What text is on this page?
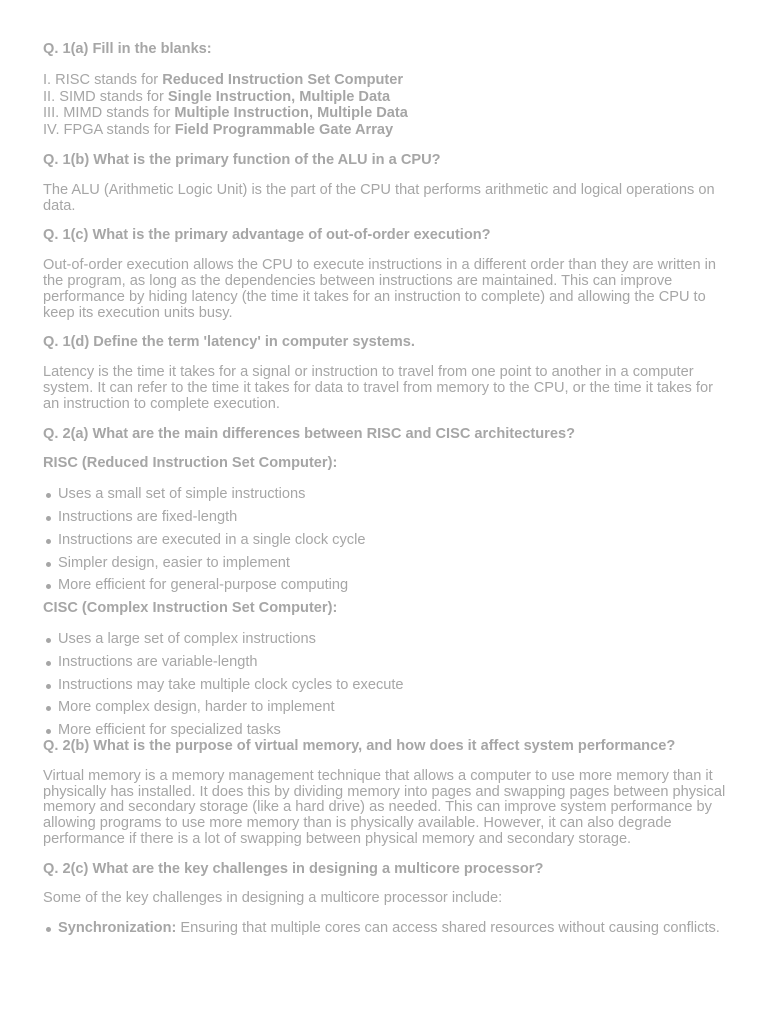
Q. 1(a) Fill in the blanks:
I. RISC stands for Reduced Instruction Set Computer
II. SIMD stands for Single Instruction, Multiple Data
III. MIMD stands for Multiple Instruction, Multiple Data
IV. FPGA stands for Field Programmable Gate Array
Q. 1(b) What is the primary function of the ALU in a CPU?

The ALU (Arithmetic Logic Unit) is the part of the CPU that performs arithmetic and logical operations on data.

Q. 1(c) What is the primary advantage of out-of-order execution?

Out-of-order execution allows the CPU to execute instructions in a different order than they are written in the program, as long as the dependencies between instructions are maintained. This can improve performance by hiding latency (the time it takes for an instruction to complete) and allowing the CPU to keep its execution units busy.

Q. 1(d) Define the term 'latency' in computer systems.

Latency is the time it takes for a signal or instruction to travel from one point to another in a computer system. It can refer to the time it takes for data to travel from memory to the CPU, or the time it takes for an instruction to complete execution.

Q. 2(a) What are the main differences between RISC and CISC architectures?
RISC (Reduced Instruction Set Computer):
Uses a small set of simple instructions
Instructions are fixed-length
Instructions are executed in a single clock cycle
Simpler design, easier to implement
More efficient for general-purpose computing
CISC (Complex Instruction Set Computer):
Uses a large set of complex instructions
Instructions are variable-length
Instructions may take multiple clock cycles to execute
More complex design, harder to implement
More efficient for specialized tasks
Q. 2(b) What is the purpose of virtual memory, and how does it affect system performance?

Virtual memory is a memory management technique that allows a computer to use more memory than it physically has installed. It does this by dividing memory into pages and swapping pages between physical memory and secondary storage (like a hard drive) as needed. This can improve system performance by allowing programs to use more memory than is physically available. However, it can also degrade performance if there is a lot of swapping between physical memory and secondary storage.

Q. 2(c) What are the key challenges in designing a multicore processor?

Some of the key challenges in designing a multicore processor include:

Synchronization: Ensuring that multiple cores can access shared resources without causing conflicts.
